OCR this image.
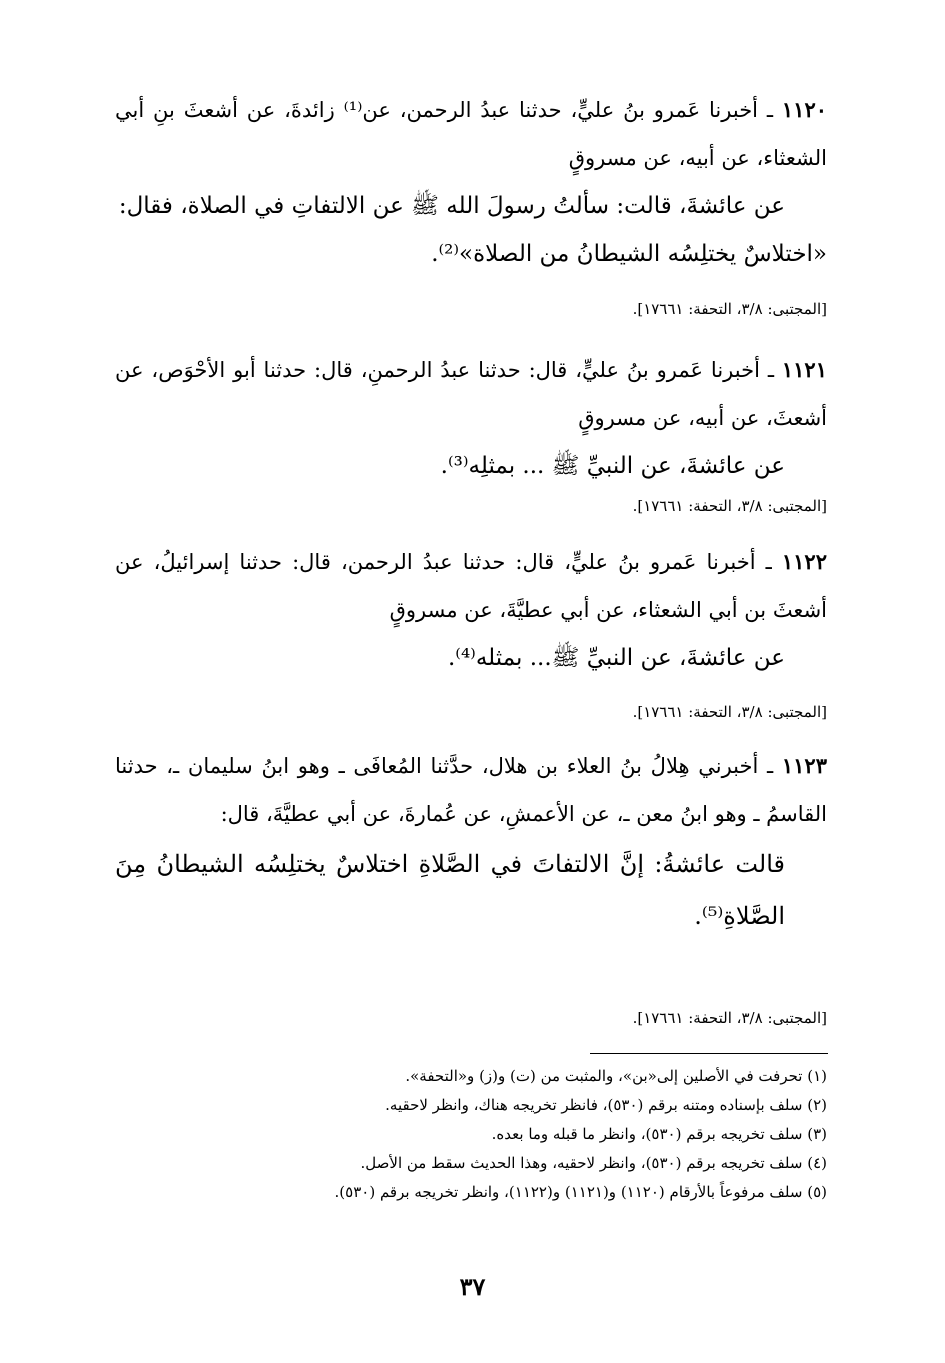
١١٢٠ ـ أخبرنا عَمرو بنُ عليٍّ، حدثنا عبدُ الرحمن، عن⁽¹⁾ زائدةَ، عن أشعثَ بنِ أبي الشعثاء، عن أبيه، عن مسروقٍ

عن عائشةَ، قالت: سألتُ رسولَ الله ﷺ عن الالتفاتِ في الصلاة، فقال:

«اختلاسٌ يختلِسُه الشيطانُ من الصلاة»⁽²⁾.

[المجتبى: ٣/٨، التحفة: ١٧٦٦١].

١١٢١ ـ أخبرنا عَمرو بنُ عليٍّ، قال: حدثنا عبدُ الرحمنِ، قال: حدثنا أبو الأحْوَص، عن أشعثَ، عن أبيه، عن مسروقٍ

عن عائشةَ، عن النبيِّ ﷺ ... بمثلِه⁽³⁾.

[المجتبى: ٣/٨، التحفة: ١٧٦٦١].

١١٢٢ ـ أخبرنا عَمرو بنُ عليٍّ، قال: حدثنا عبدُ الرحمن، قال: حدثنا إسرائيلُ، عن أشعثَ بن أبي الشعثاء، عن أبي عطيَّةَ، عن مسروقٍ

عن عائشةَ، عن النبيِّ ﷺ... بمثله⁽⁴⁾.

[المجتبى: ٣/٨، التحفة: ١٧٦٦١].

١١٢٣ ـ أخبرني هِلالُ بنُ العلاء بن هلال، حدَّثنا المُعافَى ـ وهو ابنُ سليمان ـ، حدثنا القاسمُ ـ وهو ابنُ معن ـ، عن الأعمشِ، عن عُمارةَ، عن أبي عطيَّةَ، قال:

قالت عائشةُ: إنَّ الالتفاتَ في الصَّلاةِ اختلاسٌ يختلِسُه الشيطانُ مِنَ الصَّلاةِ⁽⁵⁾.

[المجتبى: ٣/٨، التحفة: ١٧٦٦١].

(١) تحرفت في الأصلين إلى«بن»، والمثبت من (ت) و(ز) و«التحفة».

(٢) سلف بإسناده ومتنه برقم (٥٣٠)، فانظر تخريجه هناك، وانظر لاحقيه.

(٣) سلف تخريجه برقم (٥٣٠)، وانظر ما قبله وما بعده.

(٤) سلف تخريجه برقم (٥٣٠)، وانظر لاحقيه، وهذا الحديث سقط من الأصل.

(٥) سلف مرفوعاً بالأرقام (١١٢٠) و(١١٢١) و(١١٢٢)، وانظر تخريجه برقم (٥٣٠).

٣٧
